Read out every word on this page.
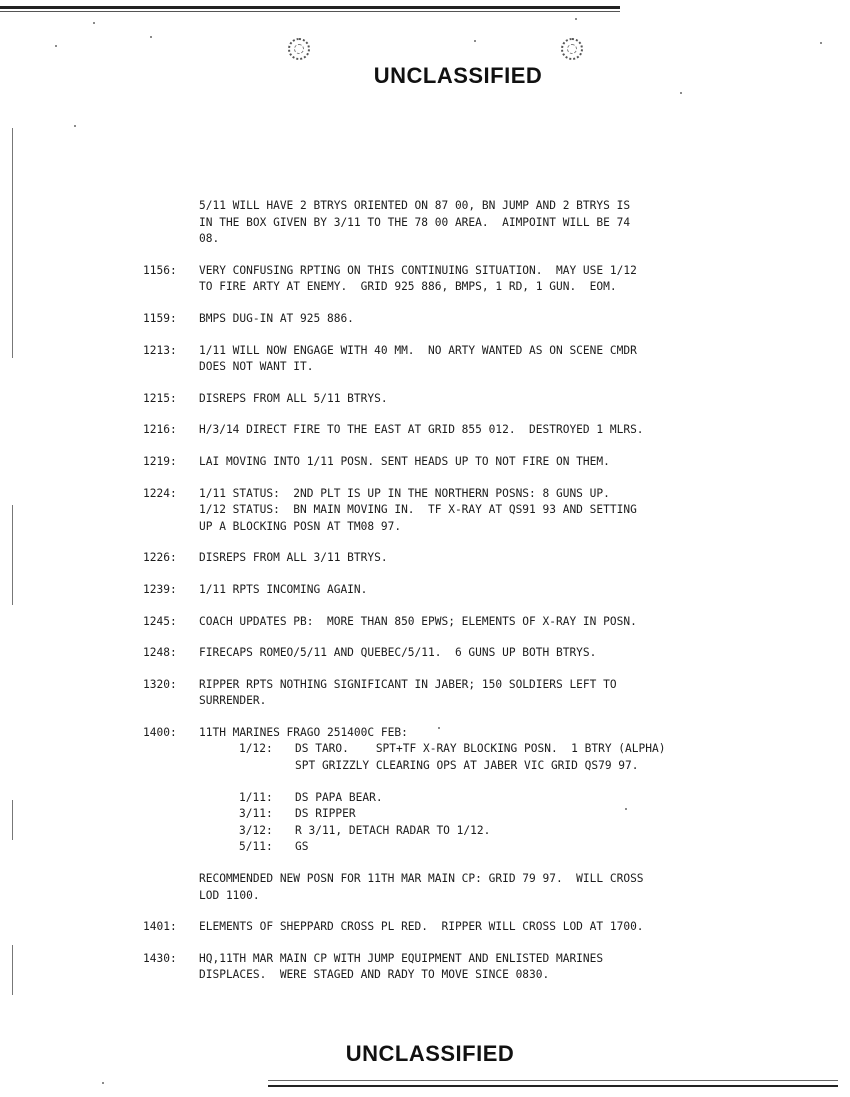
UNCLASSIFIED
5/11 WILL HAVE 2 BTRYS ORIENTED ON 87 00, BN JUMP AND 2 BTRYS IS
IN THE BOX GIVEN BY 3/11 TO THE 78 00 AREA.  AIMPOINT WILL BE 74
08.
1156:	VERY CONFUSING RPTING ON THIS CONTINUING SITUATION.  MAY USE 1/12
TO FIRE ARTY AT ENEMY.  GRID 925 886, BMPS, 1 RD, 1 GUN.  EOM.
1159:	BMPS DUG-IN AT 925 886.
1213:	1/11 WILL NOW ENGAGE WITH 40 MM.  NO ARTY WANTED AS ON SCENE CMDR
DOES NOT WANT IT.
1215:	DISREPS FROM ALL 5/11 BTRYS.
1216:	H/3/14 DIRECT FIRE TO THE EAST AT GRID 855 012.  DESTROYED 1 MLRS.
1219:	LAI MOVING INTO 1/11 POSN. SENT HEADS UP TO NOT FIRE ON THEM.
1224:	1/11 STATUS:  2ND PLT IS UP IN THE NORTHERN POSNS: 8 GUNS UP.
1/12 STATUS:  BN MAIN MOVING IN.  TF X-RAY AT QS91 93 AND SETTING
UP A BLOCKING POSN AT TM08 97.
1226:	DISREPS FROM ALL 3/11 BTRYS.
1239:	1/11 RPTS INCOMING AGAIN.
1245:	COACH UPDATES PB:  MORE THAN 850 EPWS; ELEMENTS OF X-RAY IN POSN.
1248:	FIRECAPS ROMEO/5/11 AND QUEBEC/5/11.  6 GUNS UP BOTH BTRYS.
1320:	RIPPER RPTS NOTHING SIGNIFICANT IN JABER; 150 SOLDIERS LEFT TO
SURRENDER.
1400:	11TH MARINES FRAGO 251400C FEB:
1/12:	DS TARO.    SPT+TF X-RAY BLOCKING POSN.  1 BTRY (ALPHA)
SPT GRIZZLY CLEARING OPS AT JABER VIC GRID QS79 97.
1/11:	DS PAPA BEAR.
3/11:	DS RIPPER
3/12:	R 3/11, DETACH RADAR TO 1/12.
5/11:	GS
RECOMMENDED NEW POSN FOR 11TH MAR MAIN CP: GRID 79 97.  WILL CROSS
LOD 1100.
1401:	ELEMENTS OF SHEPPARD CROSS PL RED.  RIPPER WILL CROSS LOD AT 1700.
1430:	HQ,11TH MAR MAIN CP WITH JUMP EQUIPMENT AND ENLISTED MARINES
DISPLACES.  WERE STAGED AND RADY TO MOVE SINCE 0830.
UNCLASSIFIED
